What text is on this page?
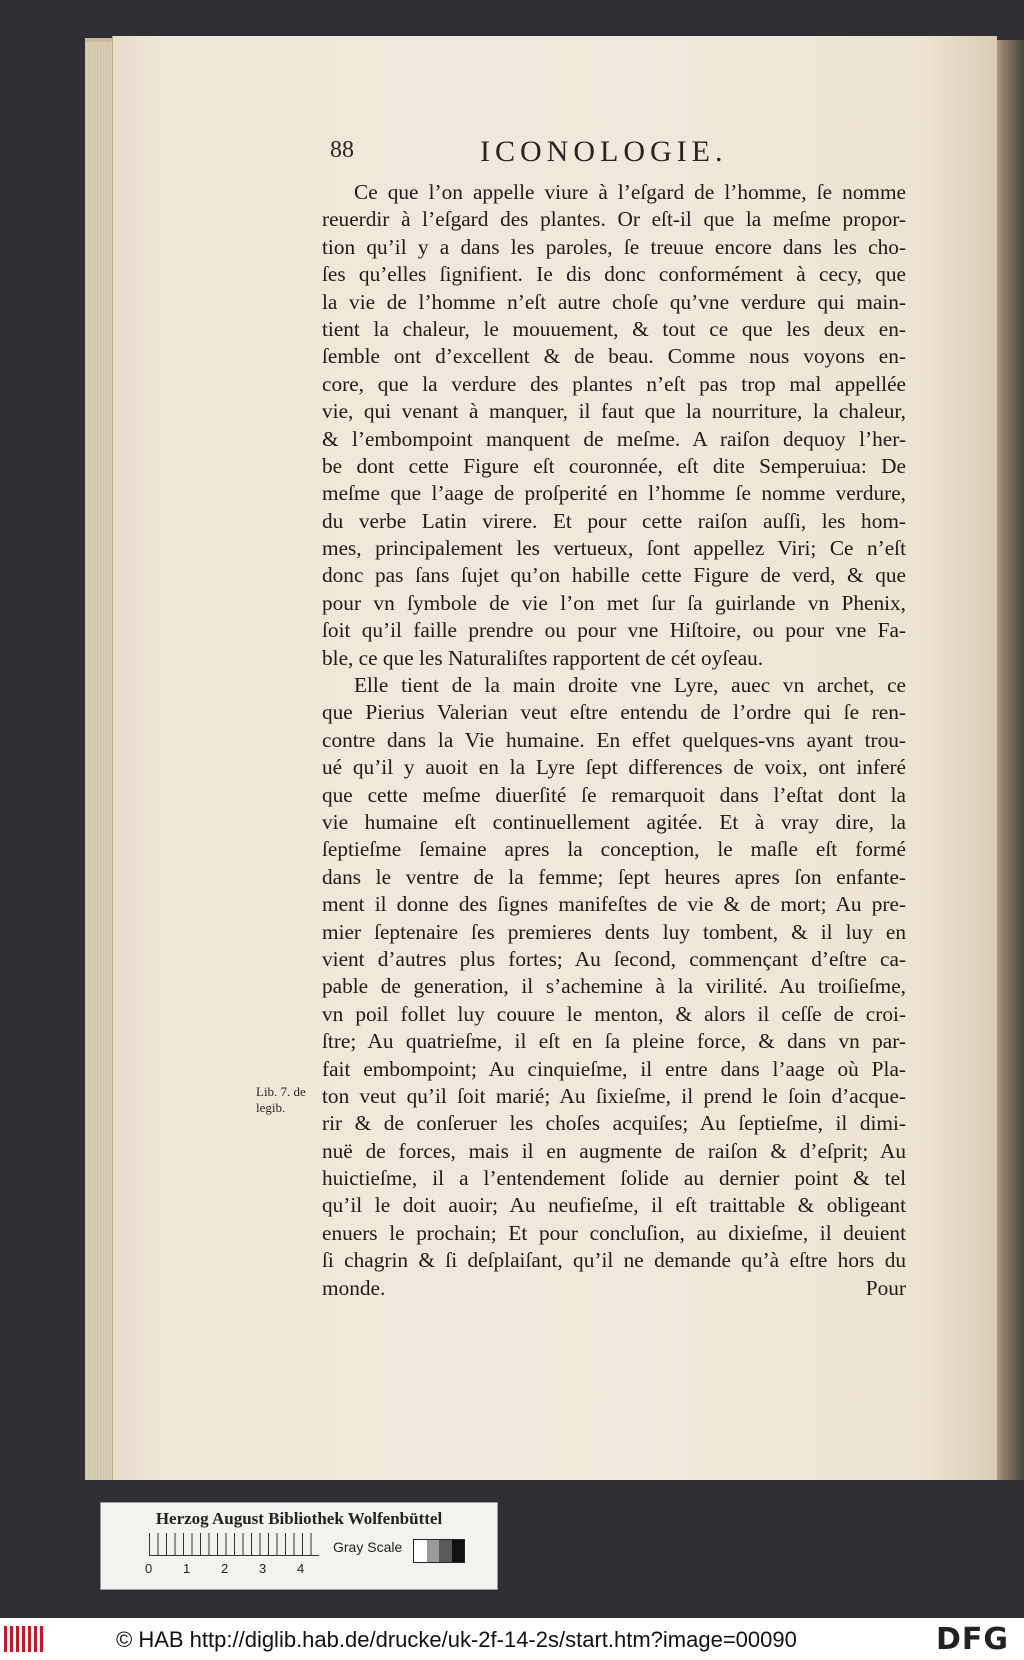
88	ICONOLOGIE.
Ce que l’on appelle viure à l’eſgard de l’homme, ſe nomme
reuerdir à l’eſgard des plantes. Or eſt-il que la meſme propor-
tion qu’il y a dans les paroles, ſe treuue encore dans les cho-
ſes qu’elles ſignifient. Ie dis donc conformément à cecy, que
la vie de l’homme n’eſt autre choſe qu’vne verdure qui main-
tient la chaleur, le mouuement, & tout ce que les deux en-
ſemble ont d’excellent & de beau. Comme nous voyons en-
core, que la verdure des plantes n’eſt pas trop mal appellée
vie, qui venant à manquer, il faut que la nourriture, la chaleur,
& l’embompoint manquent de meſme. A raiſon dequoy l’her-
be dont cette Figure eſt couronnée, eſt dite Semperuiua: De
meſme que l’aage de proſperité en l’homme ſe nomme verdure,
du verbe Latin virere. Et pour cette raiſon auſſi, les hom-
mes, principalement les vertueux, ſont appellez Viri; Ce n’eſt
donc pas ſans ſujet qu’on habille cette Figure de verd, & que
pour vn ſymbole de vie l’on met ſur ſa guirlande vn Phenix,
ſoit qu’il faille prendre ou pour vne Hiſtoire, ou pour vne Fa-
ble, ce que les Naturaliſtes rapportent de cét oyſeau.
Elle tient de la main droite vne Lyre, auec vn archet, ce
que Pierius Valerian veut eſtre entendu de l’ordre qui ſe ren-
contre dans la Vie humaine. En effet quelques-vns ayant trou-
ué qu’il y auoit en la Lyre ſept differences de voix, ont inferé
que cette meſme diuerſité ſe remarquoit dans l’eſtat dont la
vie humaine eſt continuellement agitée. Et à vray dire, la
ſeptieſme ſemaine apres la conception, le maſle eſt formé
dans le ventre de la femme; ſept heures apres ſon enfante-
ment il donne des ſignes manifeſtes de vie & de mort; Au pre-
mier ſeptenaire ſes premieres dents luy tombent, & il luy en
vient d’autres plus fortes; Au ſecond, commençant d’eſtre ca-
pable de generation, il s’achemine à la virilité. Au troiſieſme,
vn poil follet luy couure le menton, & alors il ceſſe de croi-
ſtre; Au quatrieſme, il eſt en ſa pleine force, & dans vn par-
fait embompoint; Au cinquieſme, il entre dans l’aage où Pla-
ton veut qu’il ſoit marié; Au ſixieſme, il prend le ſoin d’acque-
rir & de conſeruer les choſes acquiſes; Au ſeptieſme, il dimi-
nuë de forces, mais il en augmente de raiſon & d’eſprit; Au
huictieſme, il a l’entendement ſolide au dernier point & tel
qu’il le doit auoir; Au neufieſme, il eſt traittable & obligeant
enuers le prochain; Et pour concluſion, au dixieſme, il deuient
ſi chagrin & ſi deſplaiſant, qu’il ne demande qu’à eſtre hors du
monde.	Pour
Lib. 7. de legib.
Herzog August Bibliothek Wolfenbüttel
0 1 2 3 4
Gray Scale
© HAB http://diglib.hab.de/drucke/uk-2f-14-2s/start.htm?image=00090	DFG
